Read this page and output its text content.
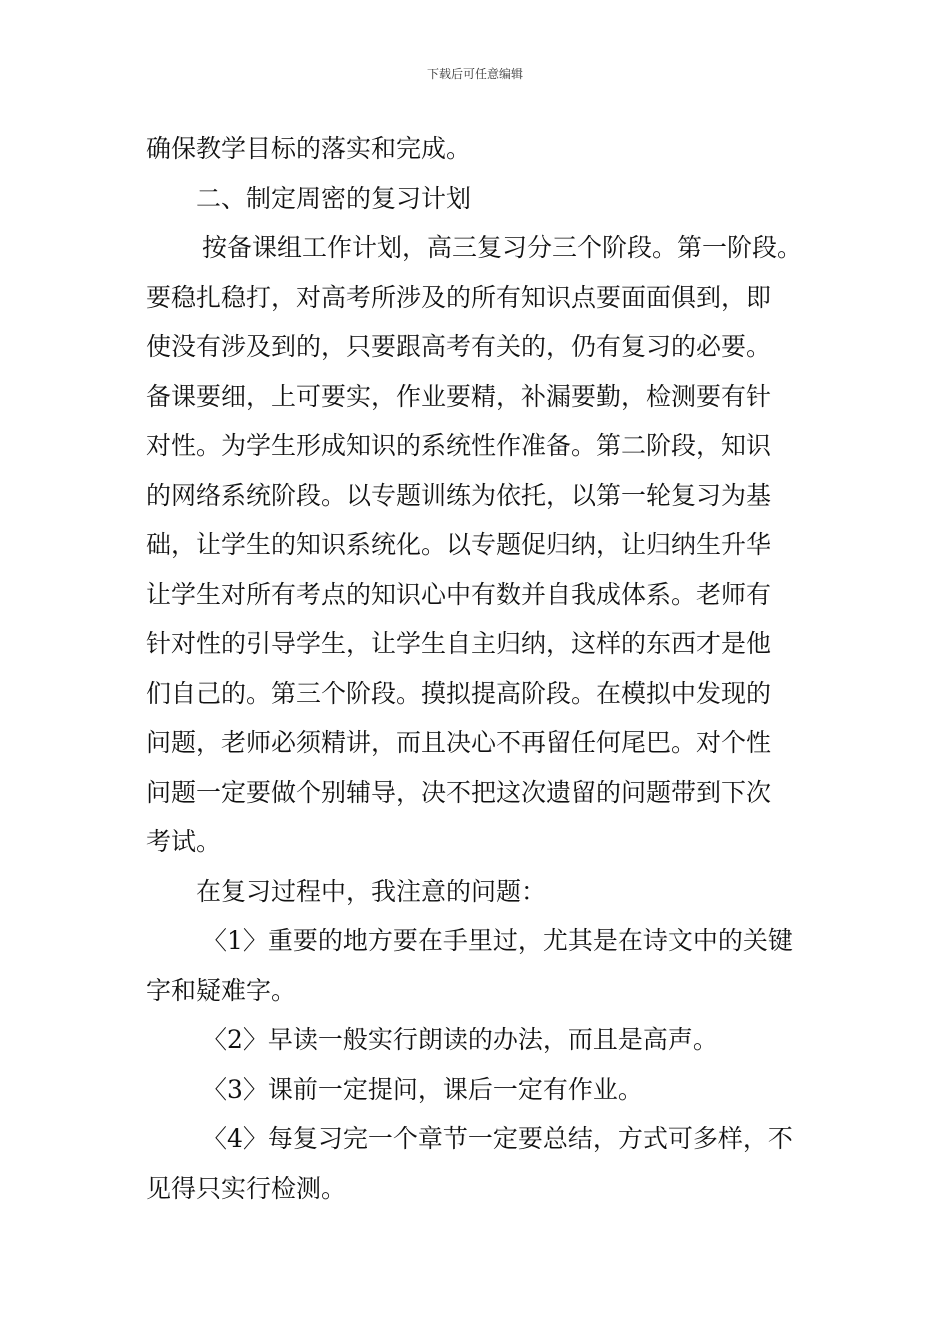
下载后可任意编辑
确保教学目标的落实和完成。
二、制定周密的复习计划
按备课组工作计划，高三复习分三个阶段。第一阶段。
要稳扎稳打，对高考所涉及的所有知识点要面面俱到，即
使没有涉及到的，只要跟高考有关的，仍有复习的必要。
备课要细，上可要实，作业要精，补漏要勤，检测要有针
对性。为学生形成知识的系统性作准备。第二阶段，知识
的网络系统阶段。以专题训练为依托，以第一轮复习为基
础，让学生的知识系统化。以专题促归纳，让归纳生升华
让学生对所有考点的知识心中有数并自我成体系。老师有
针对性的引导学生，让学生自主归纳，这样的东西才是他
们自己的。第三个阶段。摸拟提高阶段。在模拟中发现的
问题，老师必须精讲，而且决心不再留任何尾巴。对个性
问题一定要做个别辅导，决不把这次遗留的问题带到下次
考试。
在复习过程中，我注意的问题：
〈1〉重要的地方要在手里过，尤其是在诗文中的关键
字和疑难字。
〈2〉早读一般实行朗读的办法，而且是高声。
〈3〉课前一定提问，课后一定有作业。
〈4〉每复习完一个章节一定要总结，方式可多样，不
见得只实行检测。
